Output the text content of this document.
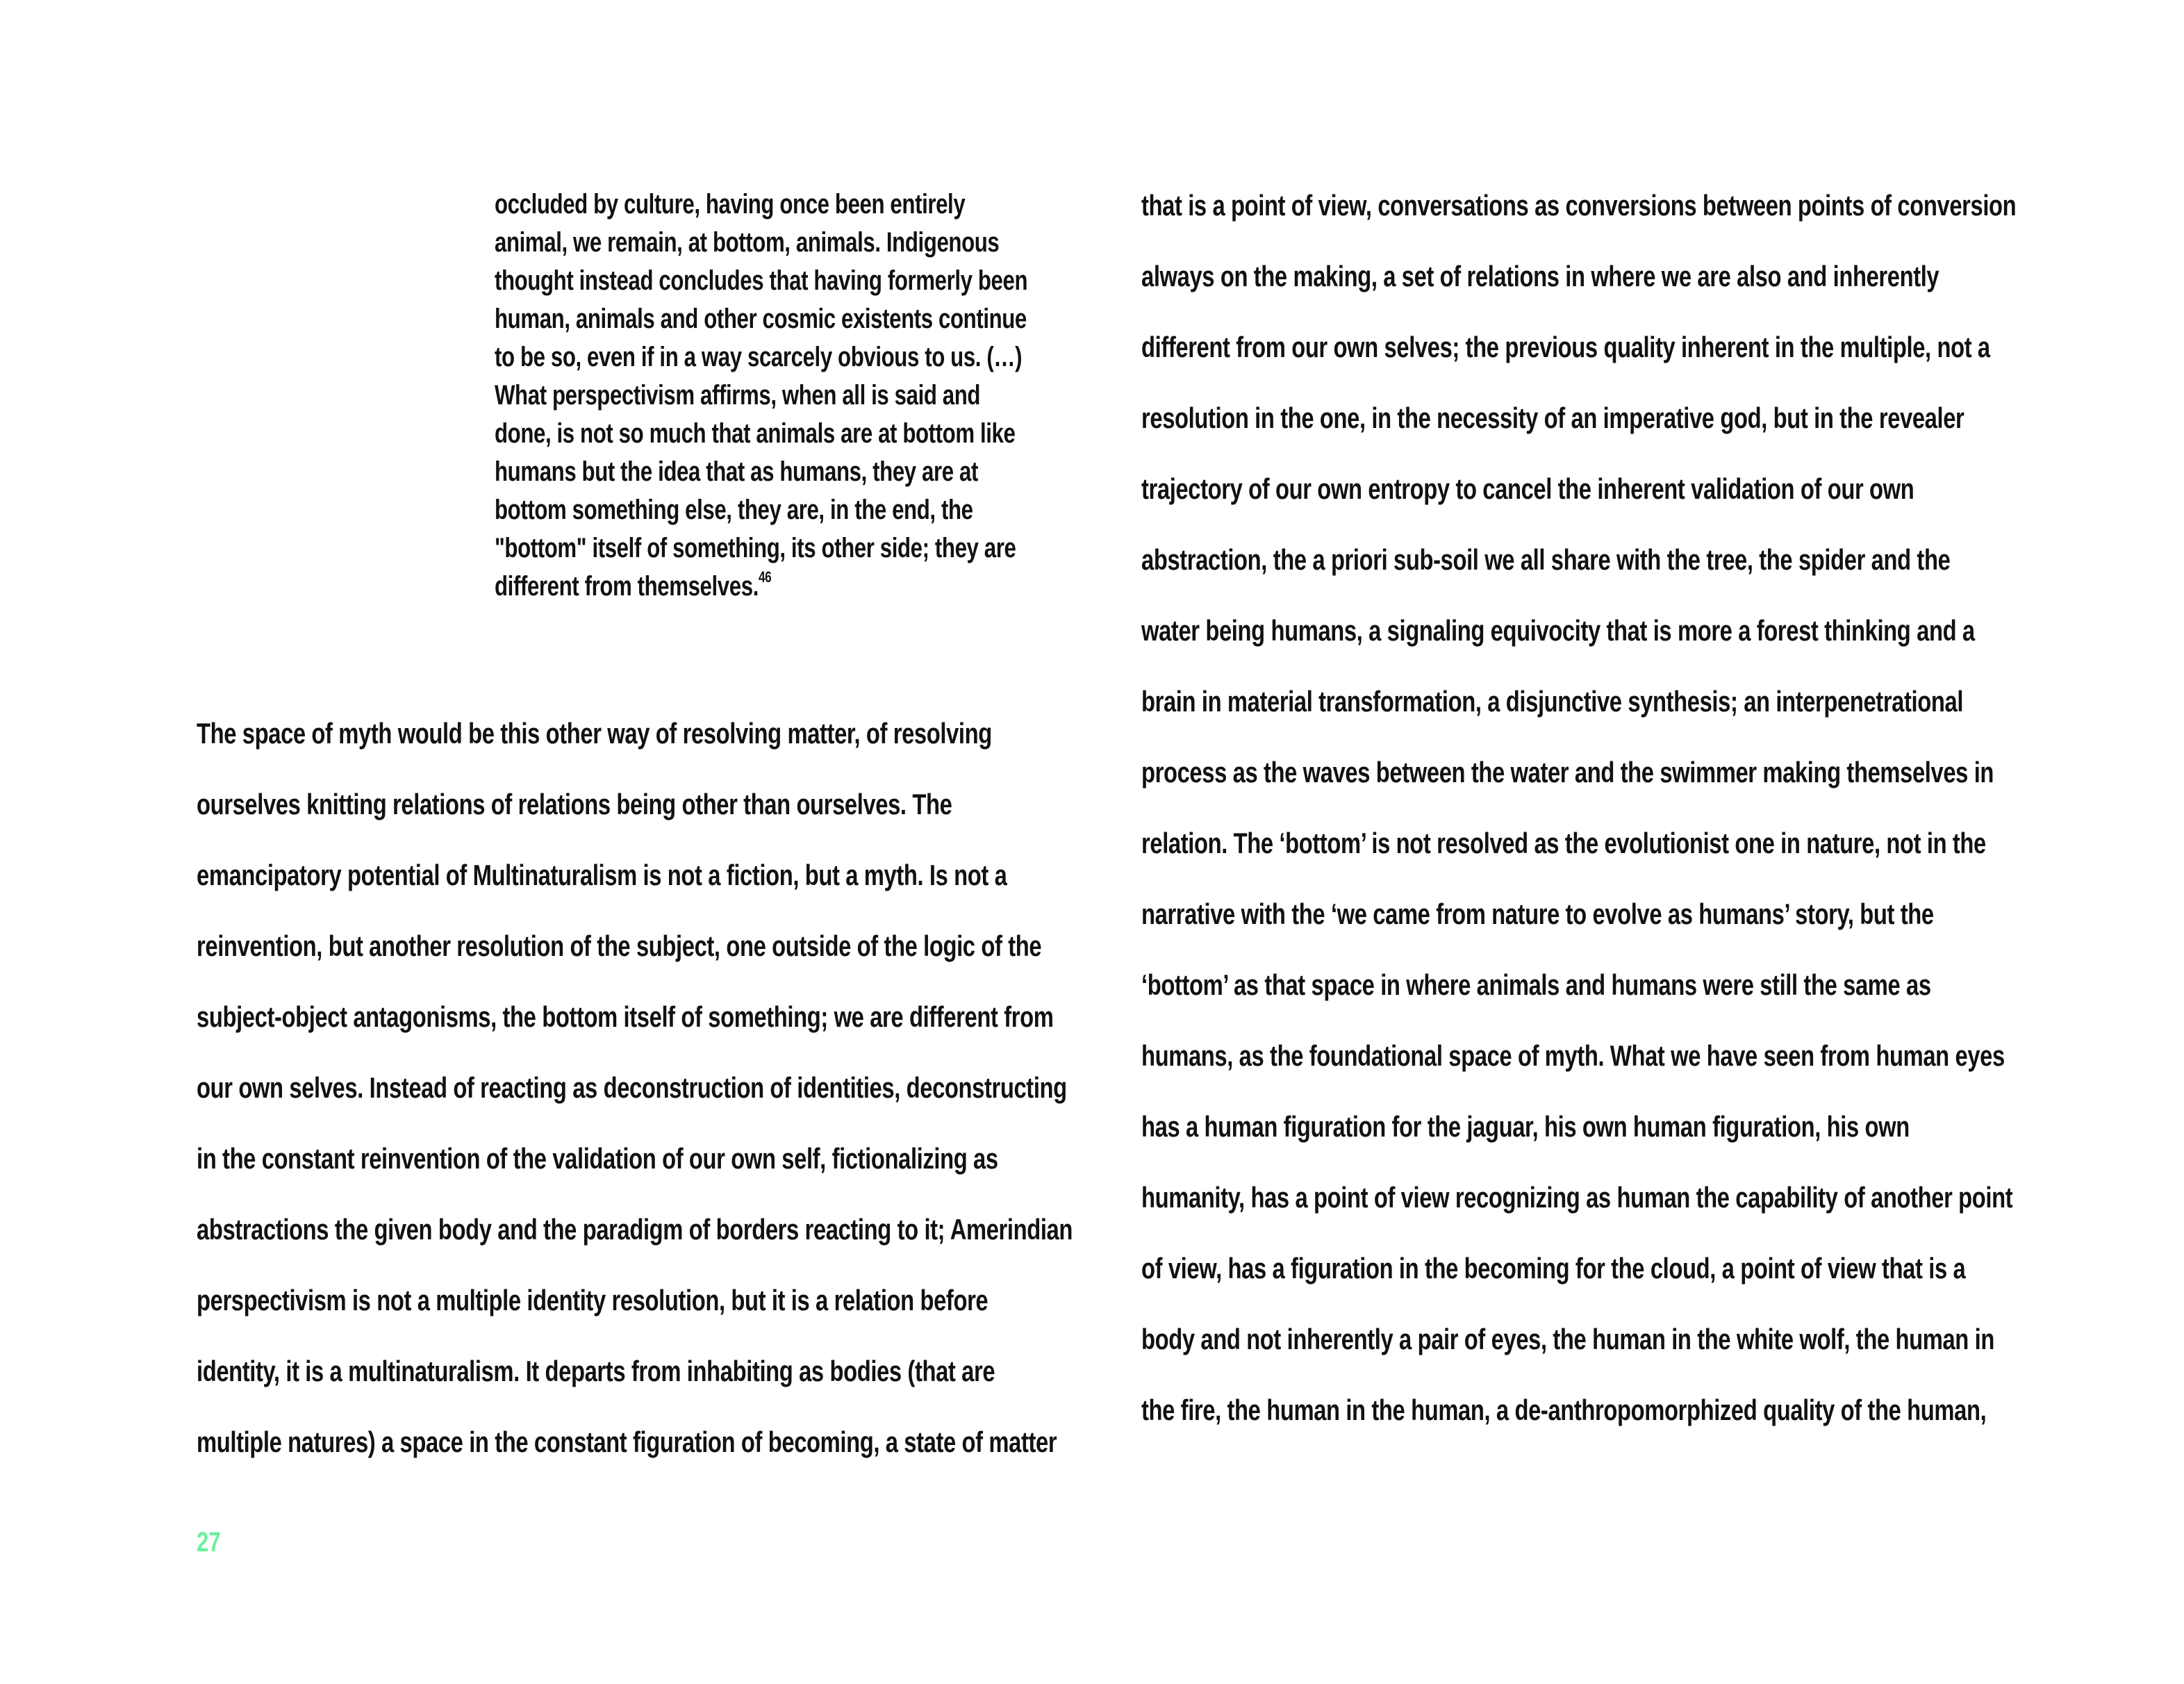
occluded by culture, having once been entirely
animal, we remain, at bottom, animals. Indigenous
thought instead concludes that having formerly been
human, animals and other cosmic existents continue
to be so, even if in a way scarcely obvious to us. (…)
What perspectivism affirms, when all is said and
done, is not so much that animals are at bottom like
humans but the idea that as humans, they are at
bottom something else, they are, in the end, the
"bottom" itself of something, its other side; they are
different from themselves.$^{46}$
The space of myth would be this other way of resolving matter, of resolving
ourselves knitting relations of relations being other than ourselves. The
emancipatory potential of Multinaturalism is not a fiction, but a myth. Is not a
reinvention, but another resolution of the subject, one outside of the logic of the
subject-object antagonisms, the bottom itself of something; we are different from
our own selves. Instead of reacting as deconstruction of identities, deconstructing
in the constant reinvention of the validation of our own self, fictionalizing as
abstractions the given body and the paradigm of borders reacting to it; Amerindian
perspectivism is not a multiple identity resolution, but it is a relation before
identity, it is a multinaturalism. It departs from inhabiting as bodies (that are
multiple natures) a space in the constant figuration of becoming, a state of matter
that is a point of view, conversations as conversions between points of conversion
always on the making, a set of relations in where we are also and inherently
different from our own selves; the previous quality inherent in the multiple, not a
resolution in the one, in the necessity of an imperative god, but in the revealer
trajectory of our own entropy to cancel the inherent validation of our own
abstraction, the a priori sub-soil we all share with the tree, the spider and the
water being humans, a signaling equivocity that is more a forest thinking and a
brain in material transformation, a disjunctive synthesis; an interpenetrational
process as the waves between the water and the swimmer making themselves in
relation. The ‘bottom’ is not resolved as the evolutionist one in nature, not in the
narrative with the ‘we came from nature to evolve as humans’ story, but the
‘bottom’ as that space in where animals and humans were still the same as
humans, as the foundational space of myth. What we have seen from human eyes
has a human figuration for the jaguar, his own human figuration, his own
humanity, has a point of view recognizing as human the capability of another point
of view, has a figuration in the becoming for the cloud, a point of view that is a
body and not inherently a pair of eyes, the human in the white wolf, the human in
the fire, the human in the human, a de-anthropomorphized quality of the human,
27
